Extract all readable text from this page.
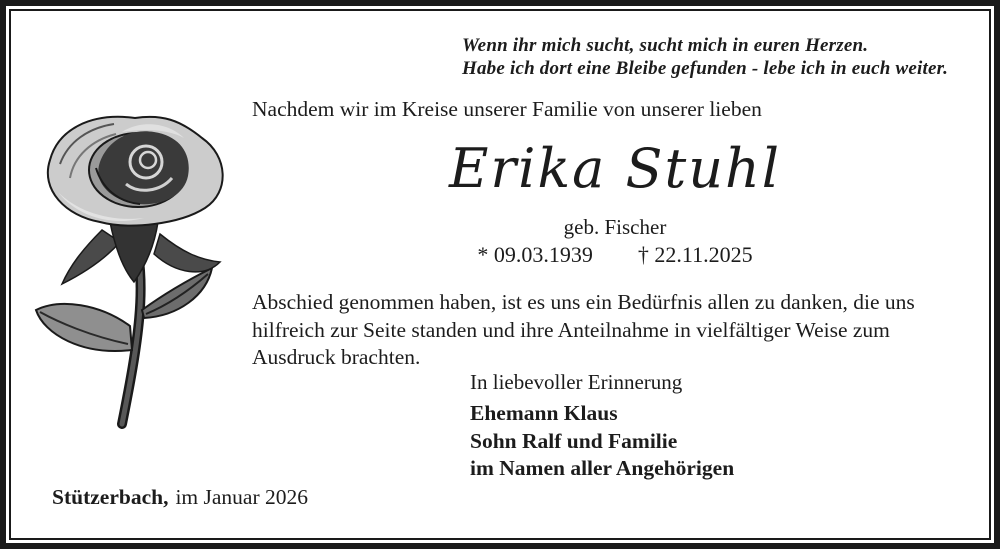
Wenn ihr mich sucht, sucht mich in euren Herzen.
Habe ich dort eine Bleibe gefunden - lebe ich in euch weiter.
Nachdem wir im Kreise unserer Familie von unserer lieben
Erika Stuhl
geb. Fischer
* 09.03.1939 † 22.11.2025
Abschied genommen haben, ist es uns ein Bedürfnis allen zu danken, die uns
hilfreich zur Seite standen und ihre Anteilnahme in vielfältiger Weise zum
Ausdruck brachten.
In liebevoller Erinnerung
Ehemann Klaus
Sohn Ralf und Familie
im Namen aller Angehörigen
Stützerbach, im Januar 2026
